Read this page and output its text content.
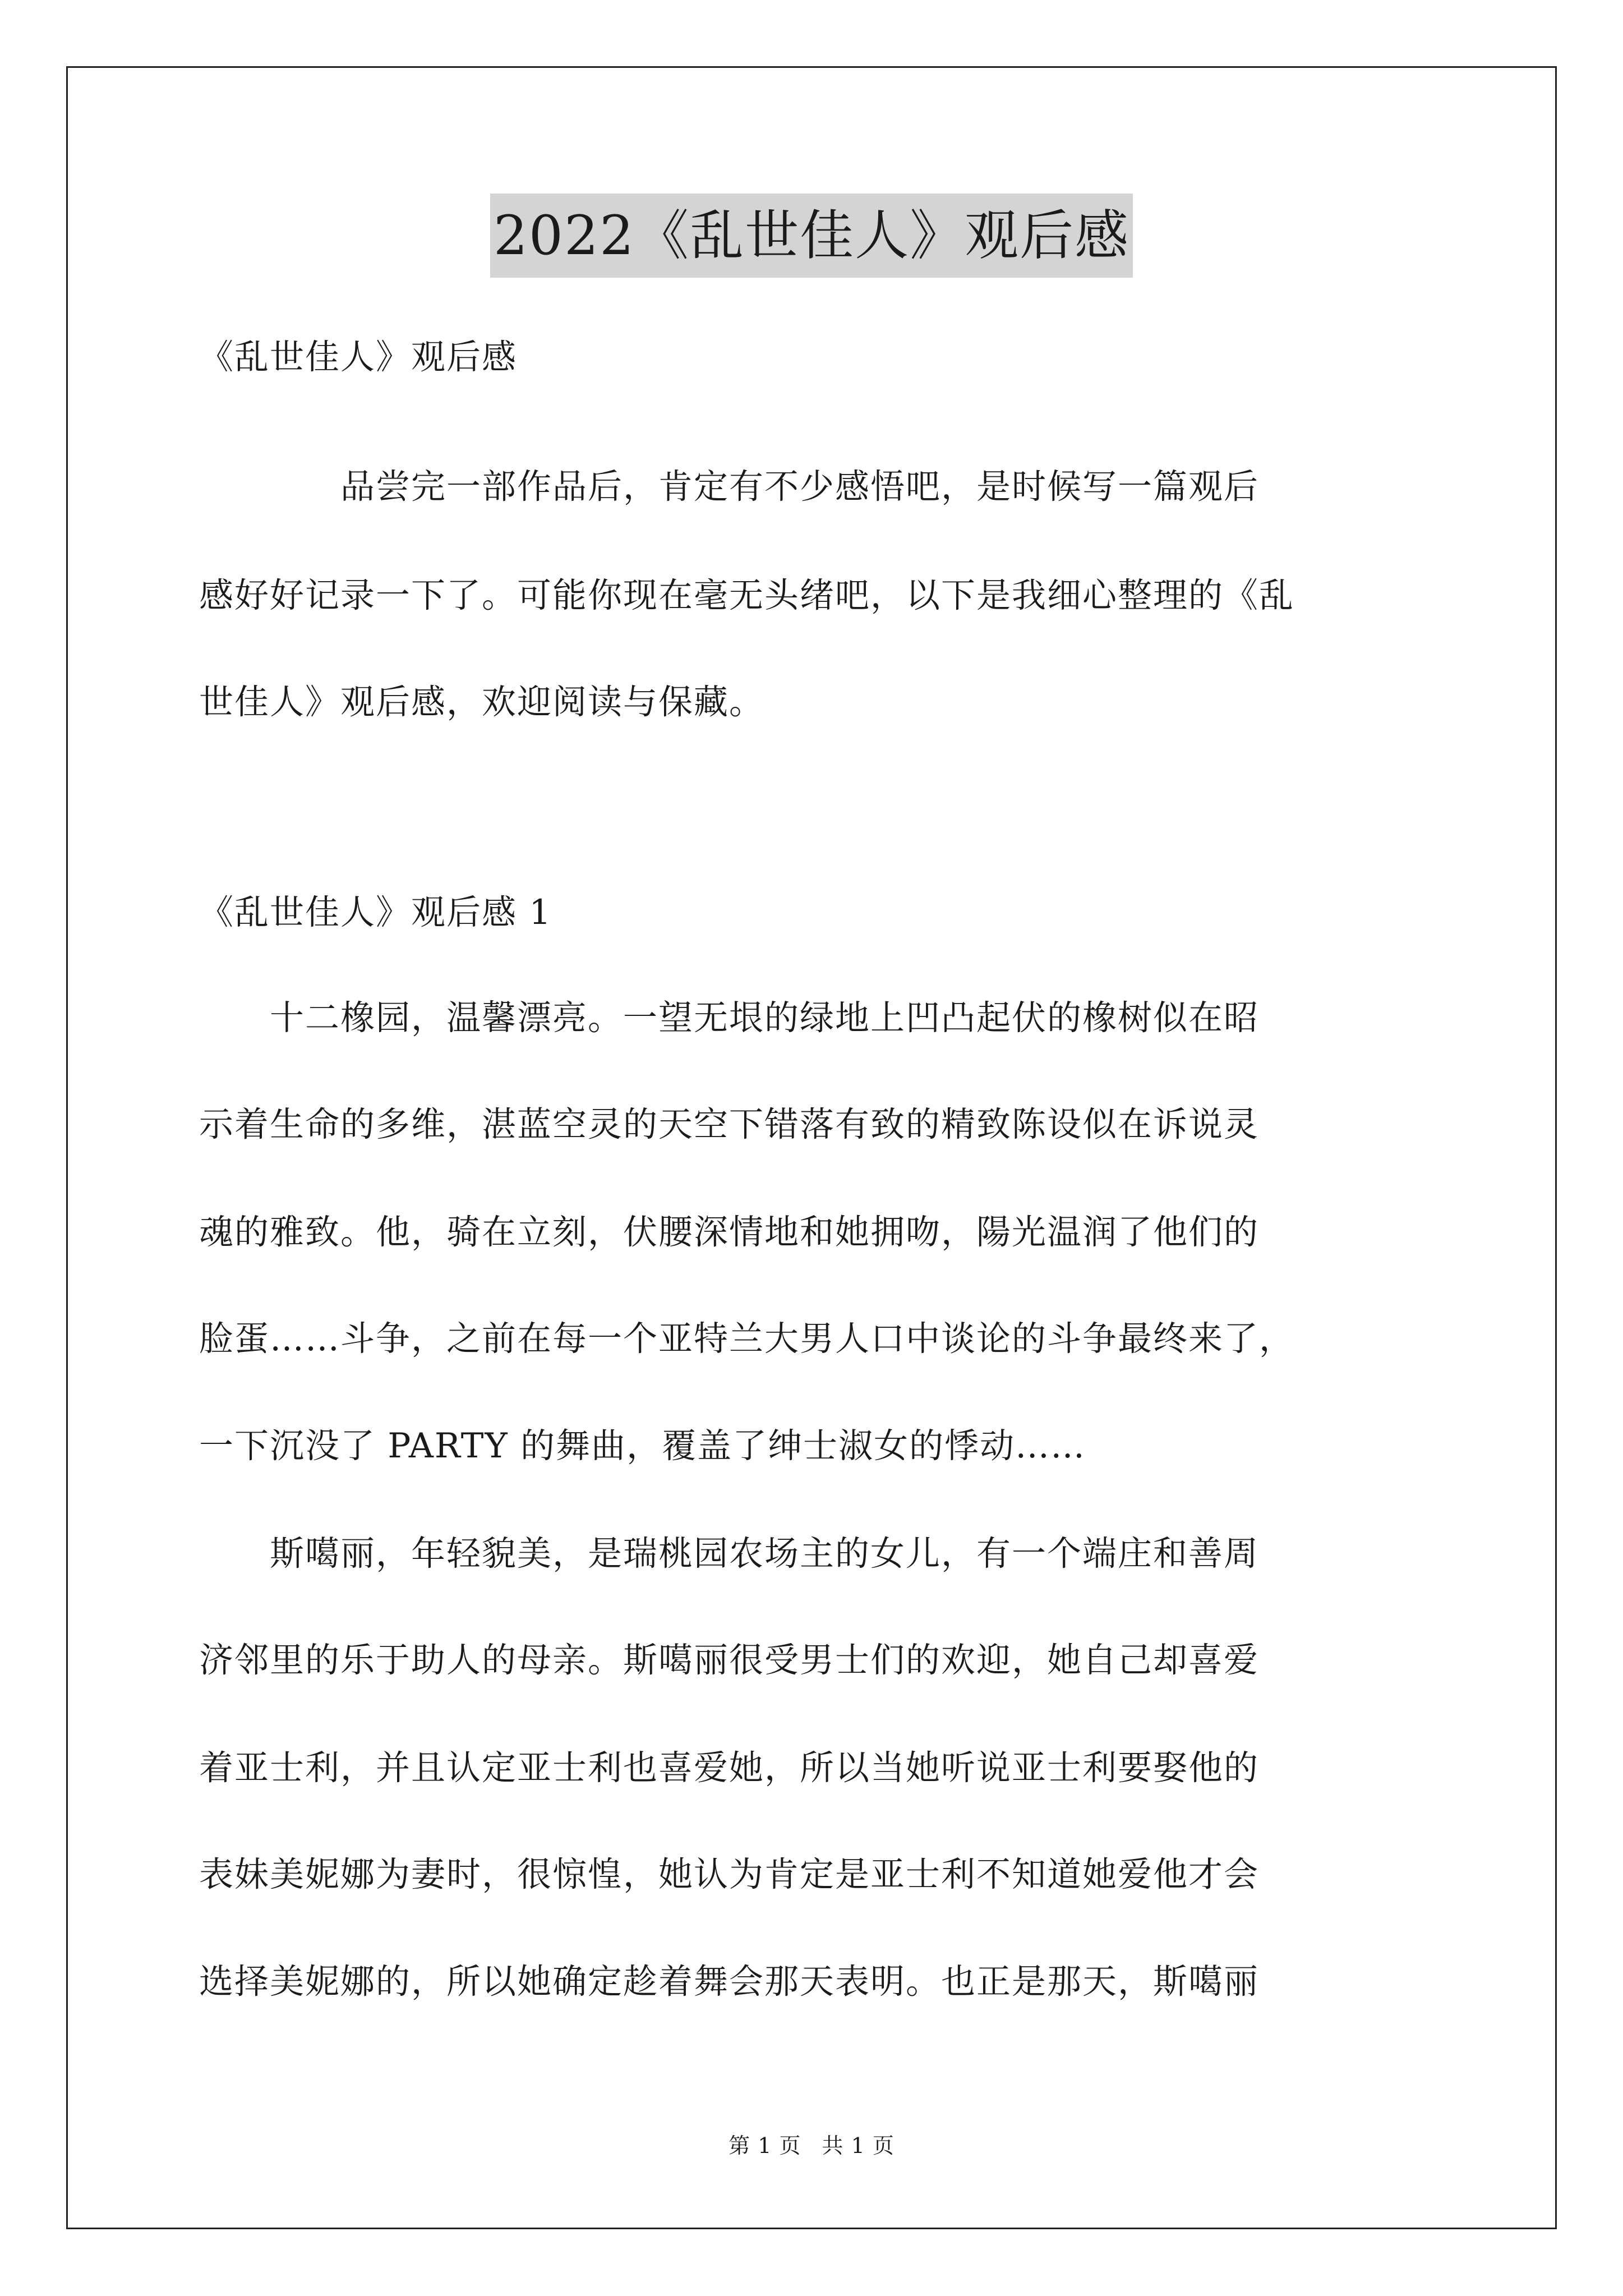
2022《乱世佳人》观后感
《乱世佳人》观后感
　　　　品尝完一部作品后，肯定有不少感悟吧，是时候写一篇观后
感好好记录一下了。可能你现在毫无头绪吧，以下是我细心整理的《乱
世佳人》观后感，欢迎阅读与保藏。
《乱世佳人》观后感 1
　　十二橡园，温馨漂亮。一望无垠的绿地上凹凸起伏的橡树似在昭
示着生命的多维，湛蓝空灵的天空下错落有致的精致陈设似在诉说灵
魂的雅致。他，骑在立刻，伏腰深情地和她拥吻，陽光温润了他们的
脸蛋……斗争，之前在每一个亚特兰大男人口中谈论的斗争最终来了，
一下沉没了 PARTY 的舞曲，覆盖了绅士淑女的悸动……
　　斯噶丽，年轻貌美，是瑞桃园农场主的女儿，有一个端庄和善周
济邻里的乐于助人的母亲。斯噶丽很受男士们的欢迎，她自己却喜爱
着亚士利，并且认定亚士利也喜爱她，所以当她听说亚士利要娶他的
表妹美妮娜为妻时，很惊惶，她认为肯定是亚士利不知道她爱他才会
选择美妮娜的，所以她确定趁着舞会那天表明。也正是那天，斯噶丽
第 1 页 共 1 页
